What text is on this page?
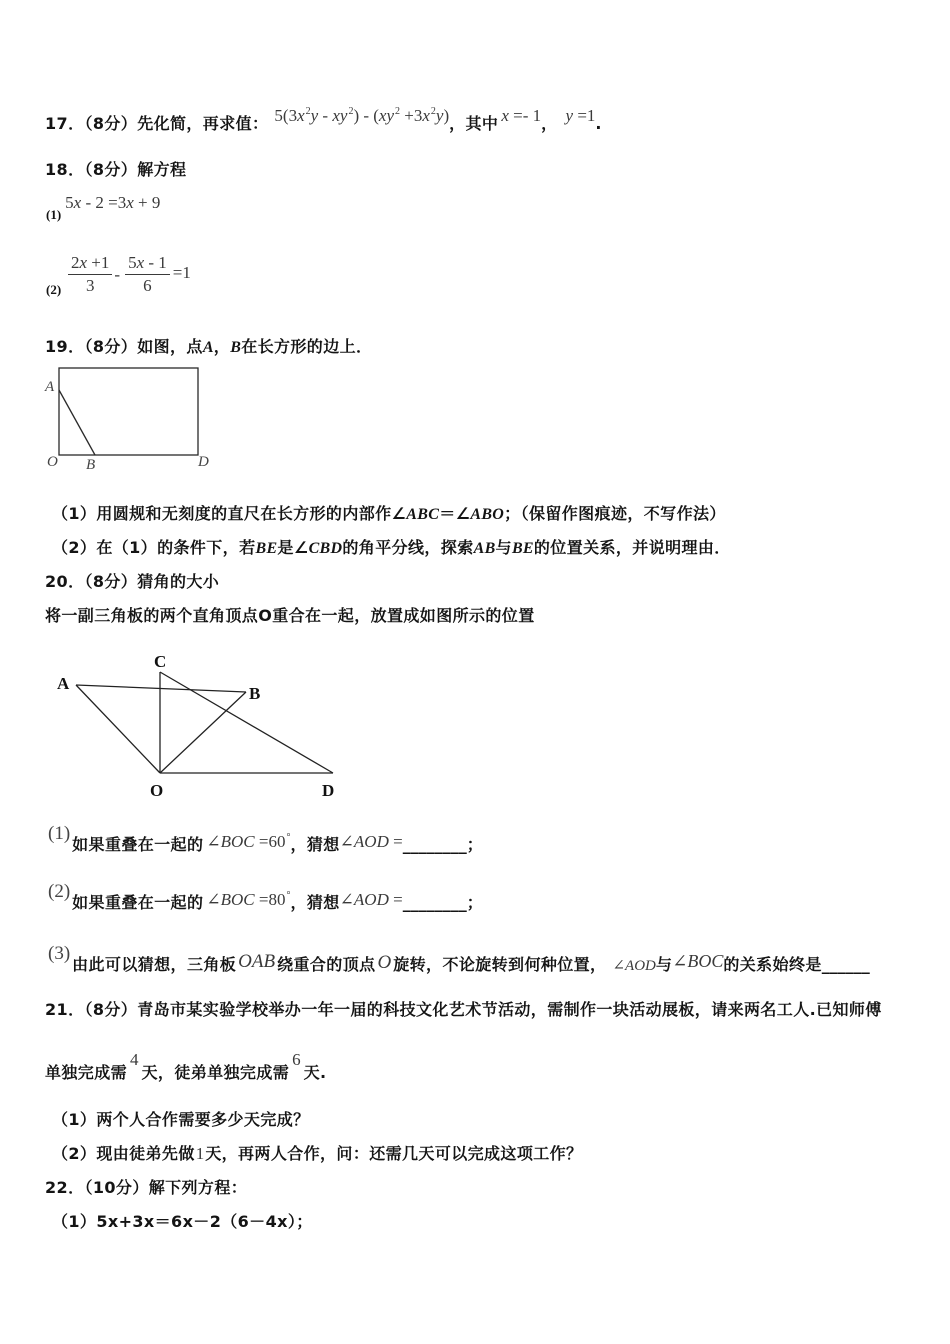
17．（8分）先化简，再求值： $5(3x^2y - xy^2) - (xy^2 +3x^2y)$，其中 x =- 1， y =1.
18．（8分）解方程
(1)5x - 2 =3x + 9
$(2) \frac{2x +1}{3} - \frac{5x - 1}{6} =1$
19．（8分）如图，点A，B在长方形的边上．
A
O B	D
（1）用圆规和无刻度的直尺在长方形的内部作∠ABC＝∠ABO；（保留作图痕迹，不写作法）
（2）在（1）的条件下，若BE是∠CBD的角平分线，探索AB与BE的位置关系，并说明理由．
20．（8分）猜角的大小
将一副三角板的两个直角顶点O重合在一起，放置成如图所示的位置
C
A
B
O	D
(1)如果重叠在一起的 ∠BOC =60°，猜想∠AOD =________；
(2)如果重叠在一起的 ∠BOC =80°，猜想∠AOD =________；
(3)由此可以猜想，三角板 OAB 绕重合的顶点 O 旋转，不论旋转到何种位置， ∠AOD与∠BOC的关系始终是______
21．（8分）青岛市某实验学校举办一年一届的科技文化艺术节活动，需制作一块活动展板，请来两名工人.已知师傅
单独完成需4天，徒弟单独完成需6天.
（1）两个人合作需要多少天完成？
（2）现由徒弟先做1天，再两人合作，问：还需几天可以完成这项工作？
22．（10分）解下列方程：
（1）5x+3x＝6x－2（6－4x）；
